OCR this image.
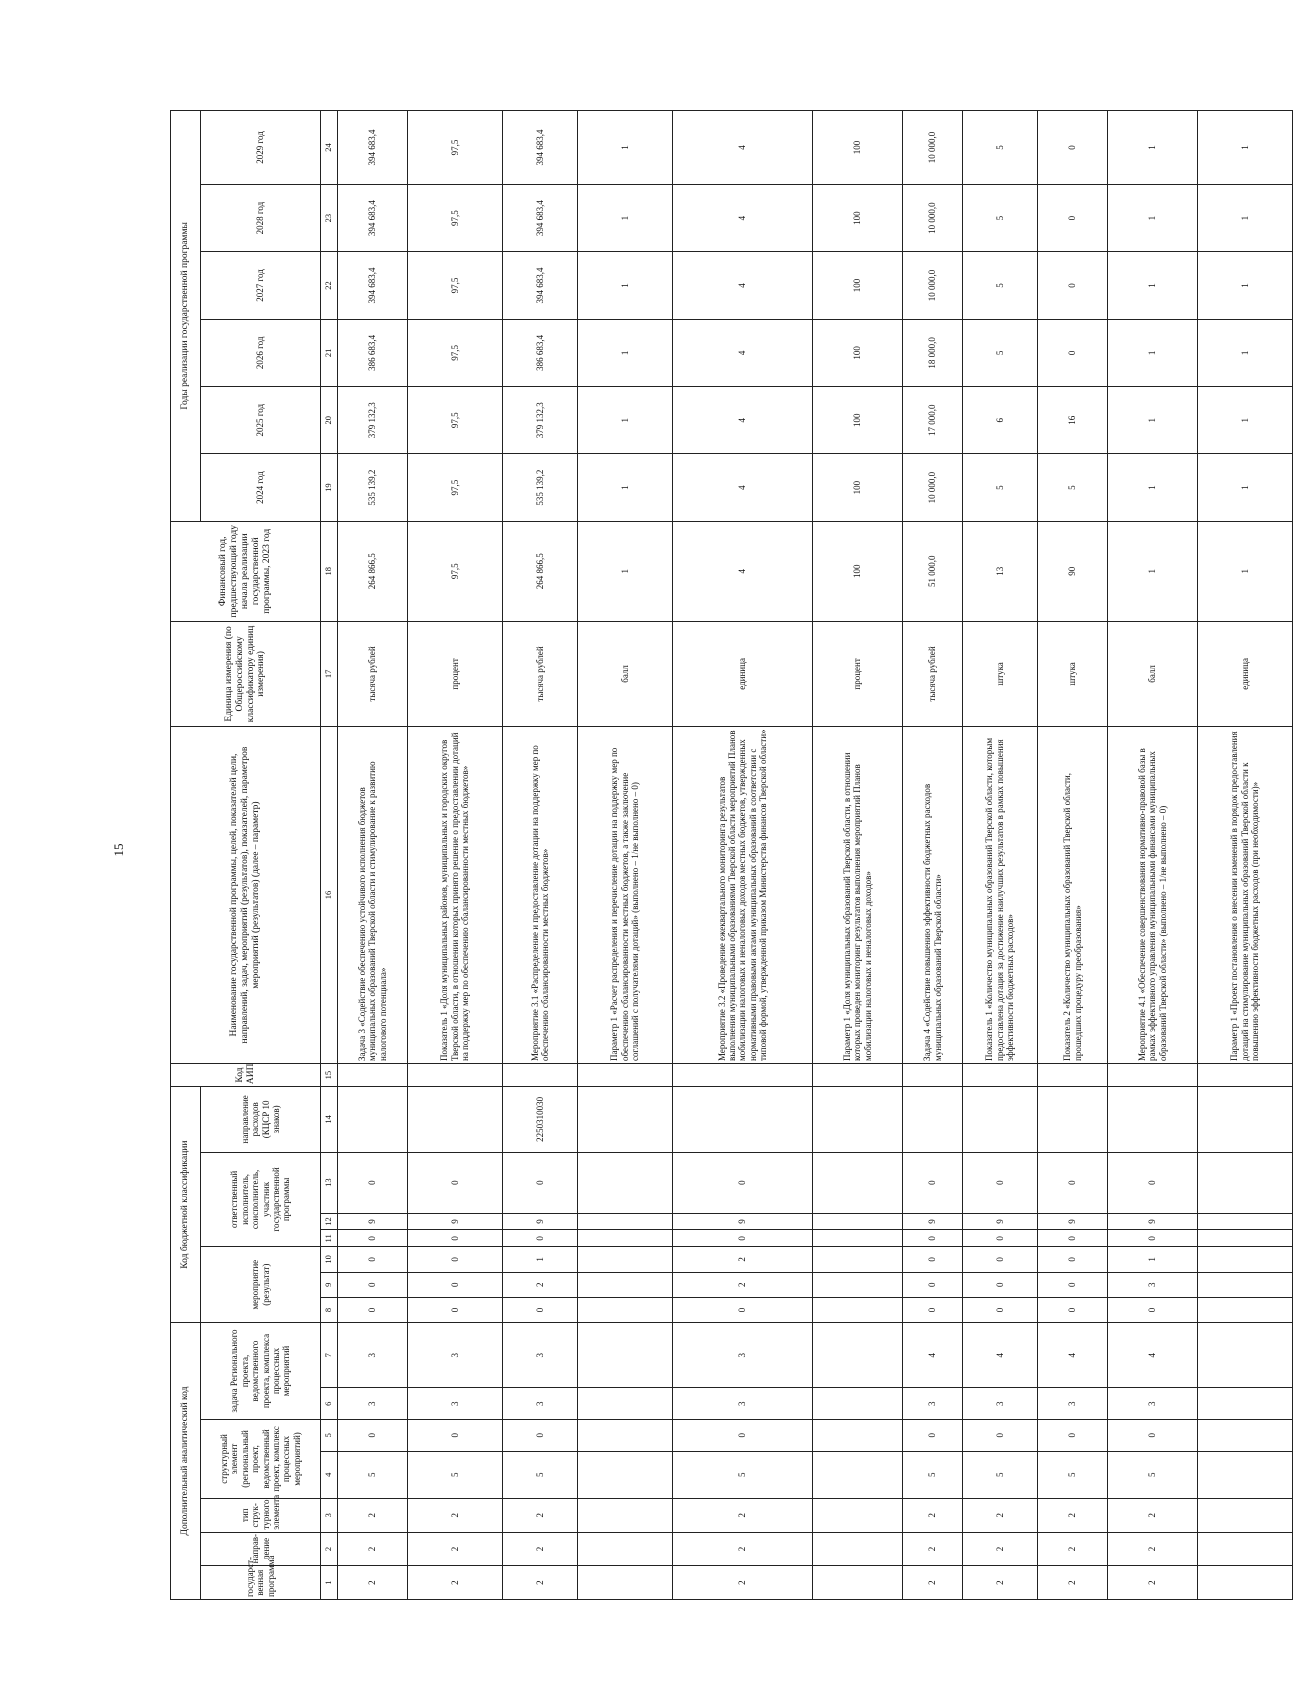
15
Дополнительный аналитический код							Код бюджетной классификации							Код АИП	Наименование государственной программы, целей, показателей цели, направлений, задач, мероприятий (результатов), показателей, параметров мероприятий (результатов) (далее – параметр)	Единица измерения (по Общероссийскому классификатору единиц измерения)	Финансовый год, предшествующий году начала реализации государственной программы, 2023 год	Годы реализации государственной программы					
государст-венная программа	направ-ление	тип струк-турного элемента	структурный элемент (региональный проект, ведомственный проект, комплекс процессных мероприятий)		задача Регионального проекта, ведомственного проекта, комплекса процессных мероприятий		мероприятие (результат)			ответственный исполнитель, соисполнитель, участник государственной программы			направление расходов (КЦСР 10 знаков)					2024 год	2025 год	2026 год	2027 год	2028 год	2029 год
1	2	3	4	5	6	7	8	9	10	11	12	13	14	15	16	17	18	19	20	21	22	23	24
2	2	2	5	0	3	3	0	0	0	0	9	0			Задача 3 «Содействие обеспечению устойчивого исполнения бюджетов муниципальных образований Тверской области и стимулирование к развитию налогового потенциала»	тысяча рублей	264 866,5	535 139,2	379 132,3	386 683,4	394 683,4	394 683,4	394 683,4
2	2	2	5	0	3	3	0	0	0	0	9	0			Показатель 1 «Доля муниципальных районов, муниципальных и городских округов Тверской области, в отношении которых принято решение о предоставлении дотаций на поддержку мер по обеспечению сбалансированности местных бюджетов»	процент	97,5	97,5	97,5	97,5	97,5	97,5	97,5
2	2	2	5	0	3	3	0	2	1	0	9	0	2250310030		Мероприятие 3.1 «Распределение и предоставление дотации на поддержку мер по обеспечению сбалансированности местных бюджетов»	тысяча рублей	264 866,5	535 139,2	379 132,3	386 683,4	394 683,4	394 683,4	394 683,4
															Параметр 1 «Расчет распределения и перечисление дотации на поддержку мер по обеспечению сбалансированности местных бюджетов, а также заключение соглашений с получателями дотаций» (выполнено – 1/не выполнено – 0)	балл	1	1	1	1	1	1	1
2	2	2	5	0	3	3	0	2	2	0	9	0			Мероприятие 3.2 «Проведение ежеквартального мониторинга результатов выполнения муниципальными образованиями Тверской области мероприятий Планов мобилизации налоговых и неналоговых доходов местных бюджетов, утвержденных нормативными правовыми актами муниципальных образований в соответствии с типовой формой, утвержденной приказом Министерства финансов Тверской области»	единица	4	4	4	4	4	4	4
															Параметр 1 «Доля муниципальных образований Тверской области, в отношении которых проведен мониторинг результатов выполнения мероприятий Планов мобилизации налоговых и неналоговых доходов»	процент	100	100	100	100	100	100	100
2	2	2	5	0	3	4	0	0	0	0	9	0			Задача 4 «Содействие повышению эффективности бюджетных расходов муниципальных образований Тверской области»	тысяча рублей	51 000,0	10 000,0	17 000,0	18 000,0	10 000,0	10 000,0	10 000,0
2	2	2	5	0	3	4	0	0	0	0	9	0			Показатель 1 «Количество муниципальных образований Тверской области, которым предоставлена дотация за достижение наилучших результатов в рамках повышения эффективности бюджетных расходов»	штука	13	5	6	5	5	5	5
2	2	2	5	0	3	4	0	0	0	0	9	0			Показатель 2 «Количество муниципальных образований Тверской области, прошедших процедуру преобразования»	штука	90	5	16	0	0	0	0
2	2	2	5	0	3	4	0	3	1	0	9	0			Мероприятие 4.1 «Обеспечение совершенствования нормативно-правовой базы в рамках эффективного управления муниципальными финансами муниципальных образований Тверской области» (выполнено – 1/не выполнено – 0)	балл	1	1	1	1	1	1	1
															Параметр 1 «Проект постановления о внесении изменений в порядок предоставления дотаций на стимулирование муниципальных образований Тверской области к повышению эффективности бюджетных расходов (при необходимости)»	единица	1	1	1	1	1	1	1
